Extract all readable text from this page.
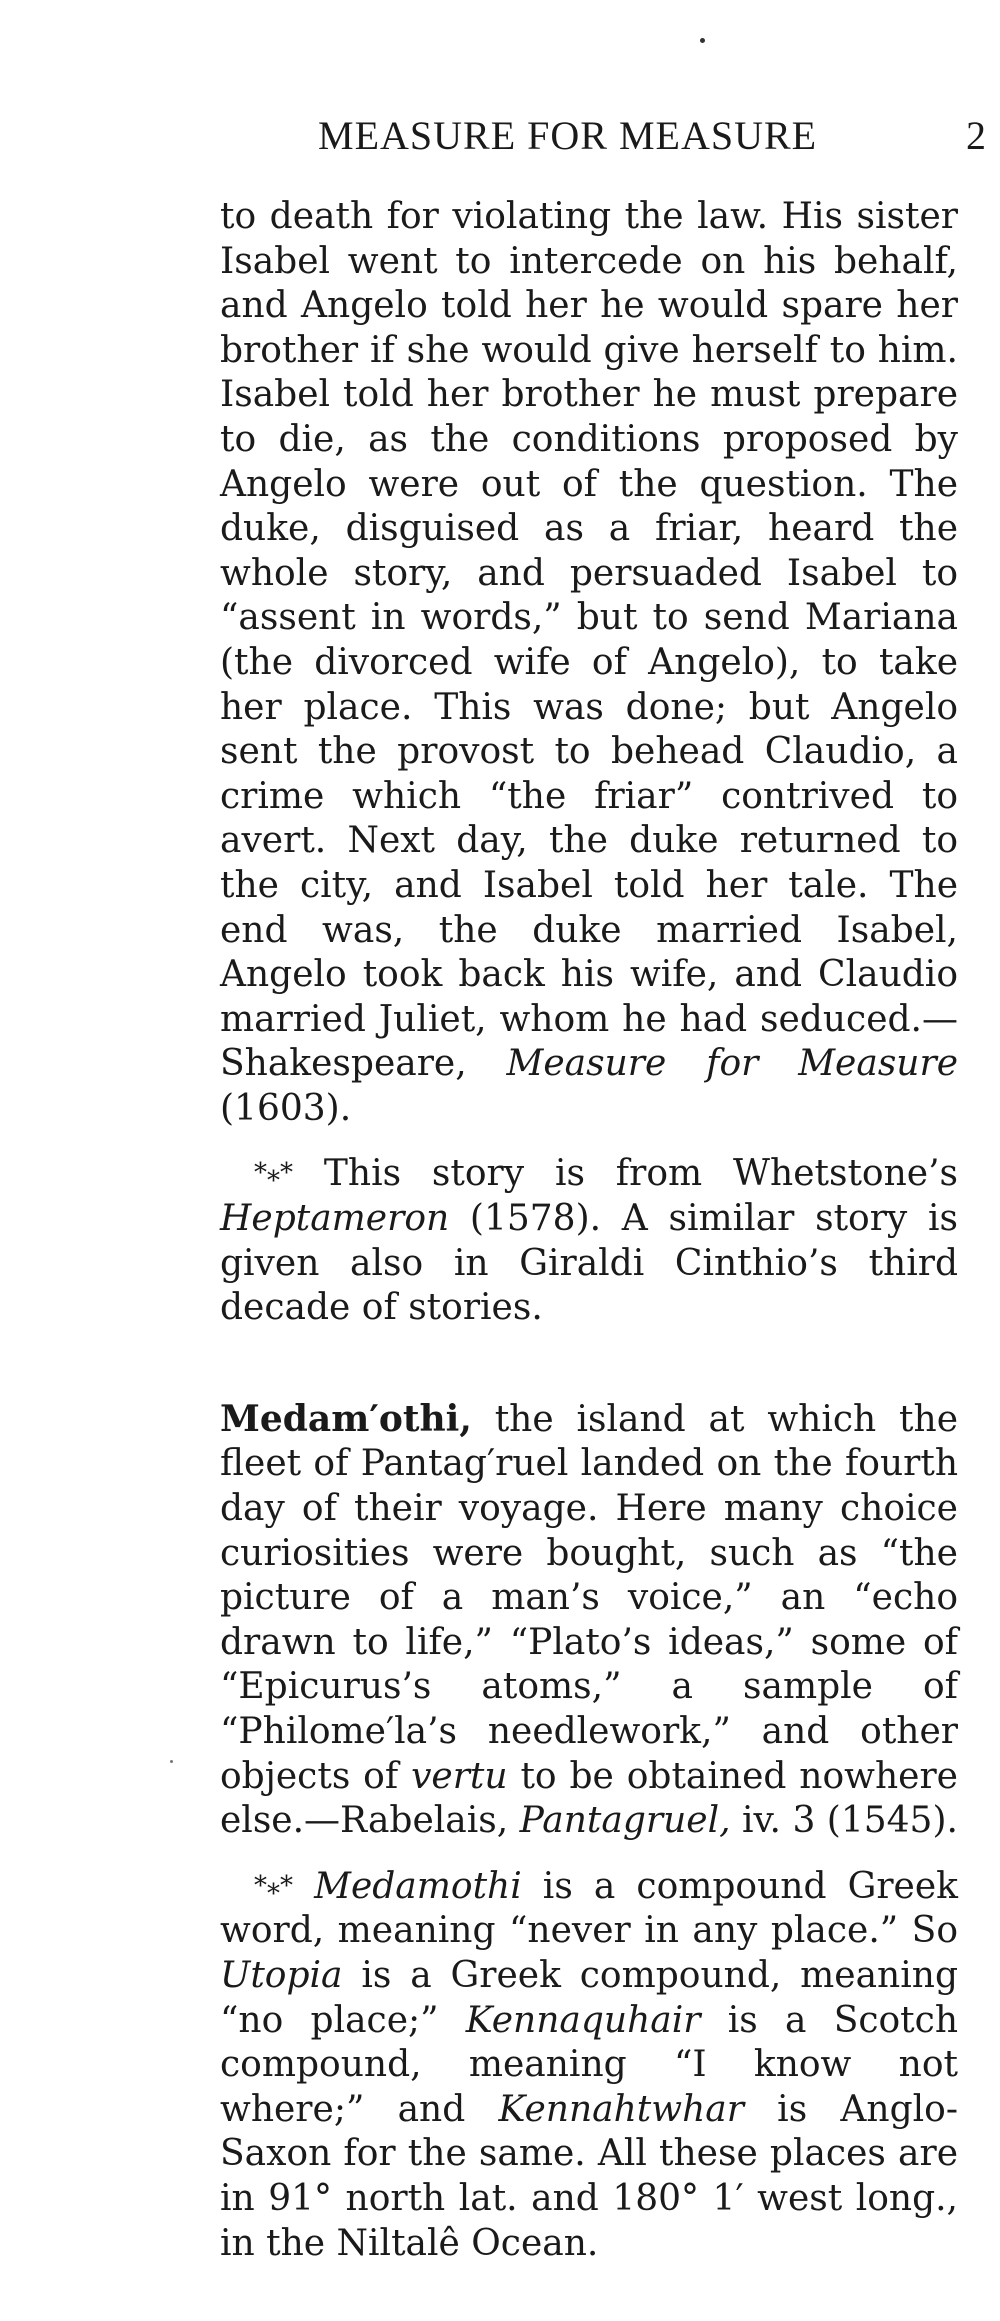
MEASURE FOR MEASURE	2

to death for violating the law. His sister Isabel went to intercede on his behalf, and Angelo told her he would spare her brother if she would give herself to him. Isabel told her brother he must prepare to die, as the conditions proposed by Angelo were out of the question. The duke, disguised as a friar, heard the whole story, and persuaded Isabel to “assent in words,” but to send Mariana (the divorced wife of Angelo), to take her place. This was done; but Angelo sent the provost to behead Claudio, a crime which “the friar” contrived to avert. Next day, the duke returned to the city, and Isabel told her tale. The end was, the duke married Isabel, Angelo took back his wife, and Claudio married Juliet, whom he had seduced.—Shakespeare, Measure for Measure (1603).

*⁎* This story is from Whetstone’s Heptameron (1578). A similar story is given also in Giraldi Cinthio’s third decade of stories.

Medam′othi, the island at which the fleet of Pantag′ruel landed on the fourth day of their voyage. Here many choice curiosities were bought, such as “the picture of a man’s voice,” an “echo drawn to life,” “Plato’s ideas,” some of “Epicurus’s atoms,” a sample of “Philome′la’s needlework,” and other objects of vertu to be obtained nowhere else.—Rabelais, Pantagruel, iv. 3 (1545).

*⁎* Medamothi is a compound Greek word, meaning “never in any place.” So Utopia is a Greek compound, meaning “no place;” Kennaquhair is a Scotch compound, meaning “I know not where;” and Kennahtwhar is Anglo-Saxon for the same. All these places are in 91° north lat. and 180° 1′ west long., in the Niltalê Ocean.
